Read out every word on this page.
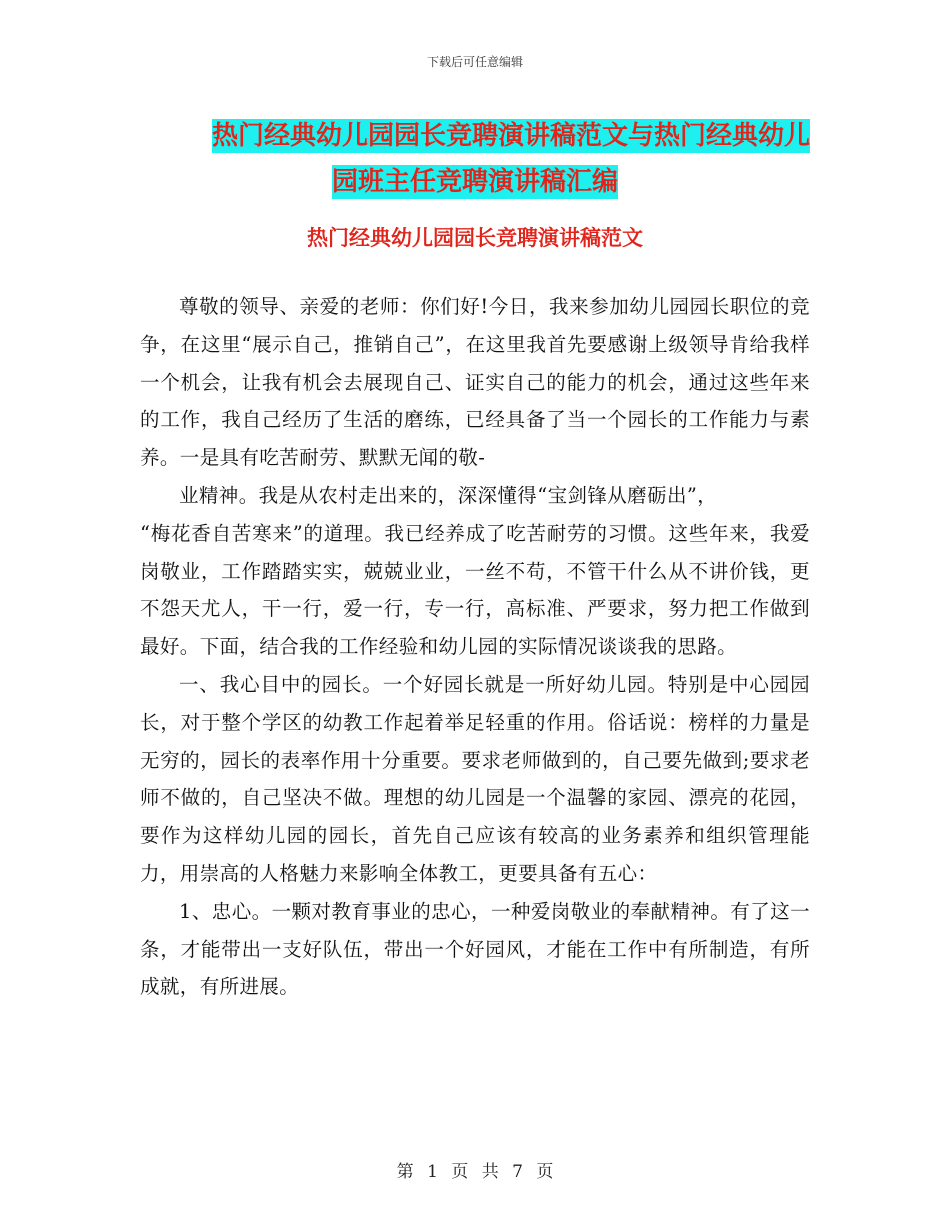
下载后可任意编辑
热门经典幼儿园园长竞聘演讲稿范文与热门经典幼儿
园班主任竞聘演讲稿汇编
热门经典幼儿园园长竞聘演讲稿范文

尊敬的领导、亲爱的老师：你们好!今日，我来参加幼儿园园长职位的竞争，在这里“展示自己，推销自己”，在这里我首先要感谢上级领导肯给我样一个机会，让我有机会去展现自己、证实自己的能力的机会，通过这些年来的工作，我自己经历了生活的磨练，已经具备了当一个园长的工作能力与素养。一是具有吃苦耐劳、默默无闻的敬-

业精神。我是从农村走出来的，深深懂得“宝剑锋从磨砺出”，

“梅花香自苦寒来”的道理。我已经养成了吃苦耐劳的习惯。这些年来，我爱岗敬业，工作踏踏实实，兢兢业业，一丝不苟，不管干什么从不讲价钱，更不怨天尤人，干一行，爱一行，专一行，高标准、严要求，努力把工作做到最好。下面，结合我的工作经验和幼儿园的实际情况谈谈我的思路。

一、我心目中的园长。一个好园长就是一所好幼儿园。特别是中心园园长，对于整个学区的幼教工作起着举足轻重的作用。俗话说：榜样的力量是无穷的，园长的表率作用十分重要。要求老师做到的，自己要先做到;要求老师不做的，自己坚决不做。理想的幼儿园是一个温馨的家园、漂亮的花园，要作为这样幼儿园的园长，首先自己应该有较高的业务素养和组织管理能力，用崇高的人格魅力来影响全体教工，更要具备有五心：

1、忠心。一颗对教育事业的忠心，一种爱岗敬业的奉献精神。有了这一条，才能带出一支好队伍，带出一个好园风，才能在工作中有所制造，有所成就，有所进展。

第 1 页 共 7 页
